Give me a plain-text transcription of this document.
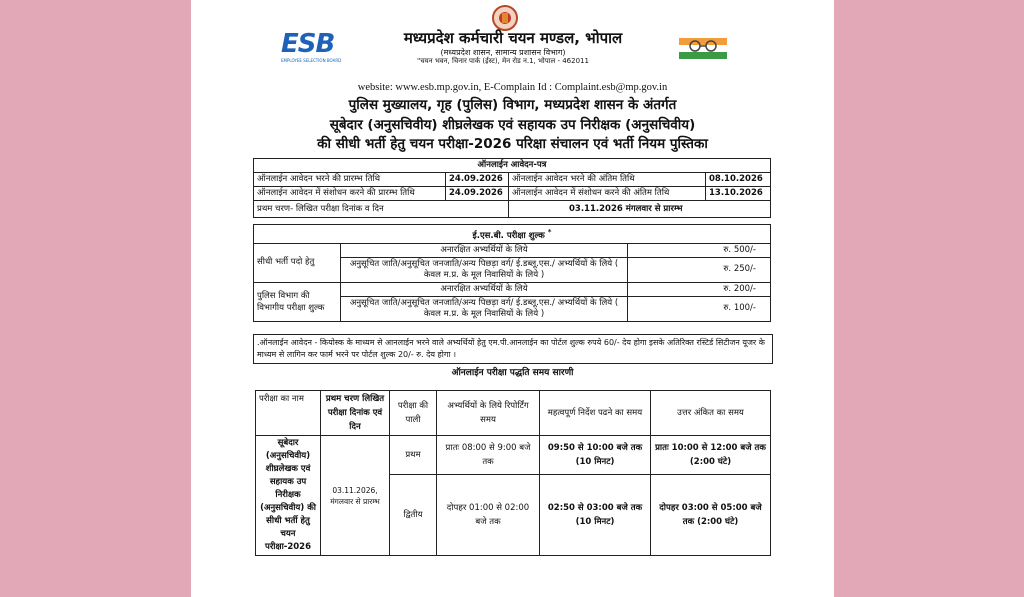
ESB
EMPLOYEE SELECTION BOARD
मध्यप्रदेश कर्मचारी चयन मण्डल, भोपाल
(मध्यप्रदेश शासन, सामान्य प्रशासन विभाग)
"चयन भवन, चिनार पार्क (ईस्ट), मेन रोड न.1, भोपाल - 462011
website: www.esb.mp.gov.in, E-Complain Id : Complaint.esb@mp.gov.in
पुलिस मुख्यालय, गृह (पुलिस) विभाग, मध्यप्रदेश शासन के अंतर्गत
सूबेदार (अनुसचिवीय) शीघ्रलेखक एवं सहायक उप निरीक्षक (अनुसचिवीय)
की सीधी भर्ती हेतु चयन परीक्षा-2026 परिक्षा संचालन एवं भर्ती नियम पुस्तिका
ऑनलाईन आवेदन-पत्र			
ऑनलाईन आवेदन भरने की प्रारम्भ तिथि	24.09.2026	ऑनलाईन आवेदन भरने की अंतिम तिथि	08.10.2026
ऑनलाईन आवेदन में संशोधन करने की प्रारम्भ तिथि	24.09.2026	ऑनलाईन आवेदन में संशोधन करने की अंतिम तिथि	13.10.2026
प्रथम चरण- लिखित परीक्षा दिनांक व दिन		03.11.2026 मंगलवार से प्रारम्भ	
ई.एस.बी. परीक्षा शुल्क *
सीधी भर्ती पदो हेतु	अनारक्षित अभ्यर्थियों के लिये	रु. 500/-
	अनुसूचित जाति/अनुसूचित जनजाति/अन्य पिछड़ा वर्ग/ ई.डब्लू.एस./ अभ्यर्थियों के लिये ( केवल म.प्र. के मूल निवासियों के लिये )	रु. 250/-
पुलिस विभाग की विभागीय परीक्षा शुल्क	अनारक्षित अभ्यर्थियों के लिये	रु. 200/-
	अनुसूचित जाति/अनुसूचित जनजाति/अन्य पिछड़ा वर्ग/ ई.डब्लू.एस./ अभ्यर्थियों के लिये ( केवल म.प्र. के मूल निवासियों के लिये )	रु. 100/-
.ऑनलाईन आवेदन - कियोस्क के माध्यम से आनलाईन भरने वाले अभ्यर्थियों हेतु एम.पी.आनलाईन का पोर्टल शुल्क रुपये 60/- देय होगा इसके अतिरिक्त रस्टिर्ड सिटीजन यूजर के माध्यम से लागिन कर फार्म भरने पर पोर्टल शुल्क 20/- रु. देय होगा ।
ऑनलाईन परीक्षा पद्धति समय सारणी
परीक्षा का नाम	प्रथम चरण लिखित परीक्षा दिनांक एवं दिन	परीक्षा की पाली	अभ्यर्थियों के लिये रिपोर्टिंग समय	महत्वपूर्ण निर्देश पढने का समय	उत्तर अंकित का समय
सूबेदार (अनुसचिवीय) शीघ्रलेखक एवं सहायक उप निरीक्षक (अनुसचिवीय) की सीधी भर्ती हेतु चयन परीक्षा-2026	03.11.2026, मंगलवार से प्रारम्भ	प्रथम	प्रातः 08:00 से 9:00 बजे तक	09:50 से 10:00 बजे तक (10 मिनट)	प्रातः 10:00 से 12:00 बजे तक (2:00 घंटे)
		द्वितीय	दोपहर 01:00 से 02:00 बजे तक	02:50 से 03:00 बजे तक (10 मिनट)	दोपहर 03:00 से 05:00 बजे तक (2:00 घंटे)
